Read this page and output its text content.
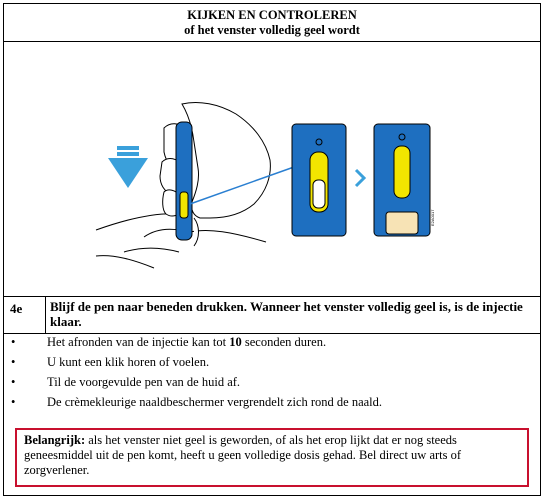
KIJKEN EN CONTROLEREN
of het venster volledig geel wordt
E2A0017
4e Blijf de pen naar beneden drukken. Wanneer het venster volledig geel is, is de injectie klaar.
•	Het afronden van de injectie kan tot 10 seconden duren.
•	U kunt een klik horen of voelen.
•	Til de voorgevulde pen van de huid af.
•	De crèmekleurige naaldbeschermer vergrendelt zich rond de naald.
Belangrijk: als het venster niet geel is geworden, of als het erop lijkt dat er nog steeds geneesmiddel uit de pen komt, heeft u geen volledige dosis gehad. Bel direct uw arts of zorgverlener.
